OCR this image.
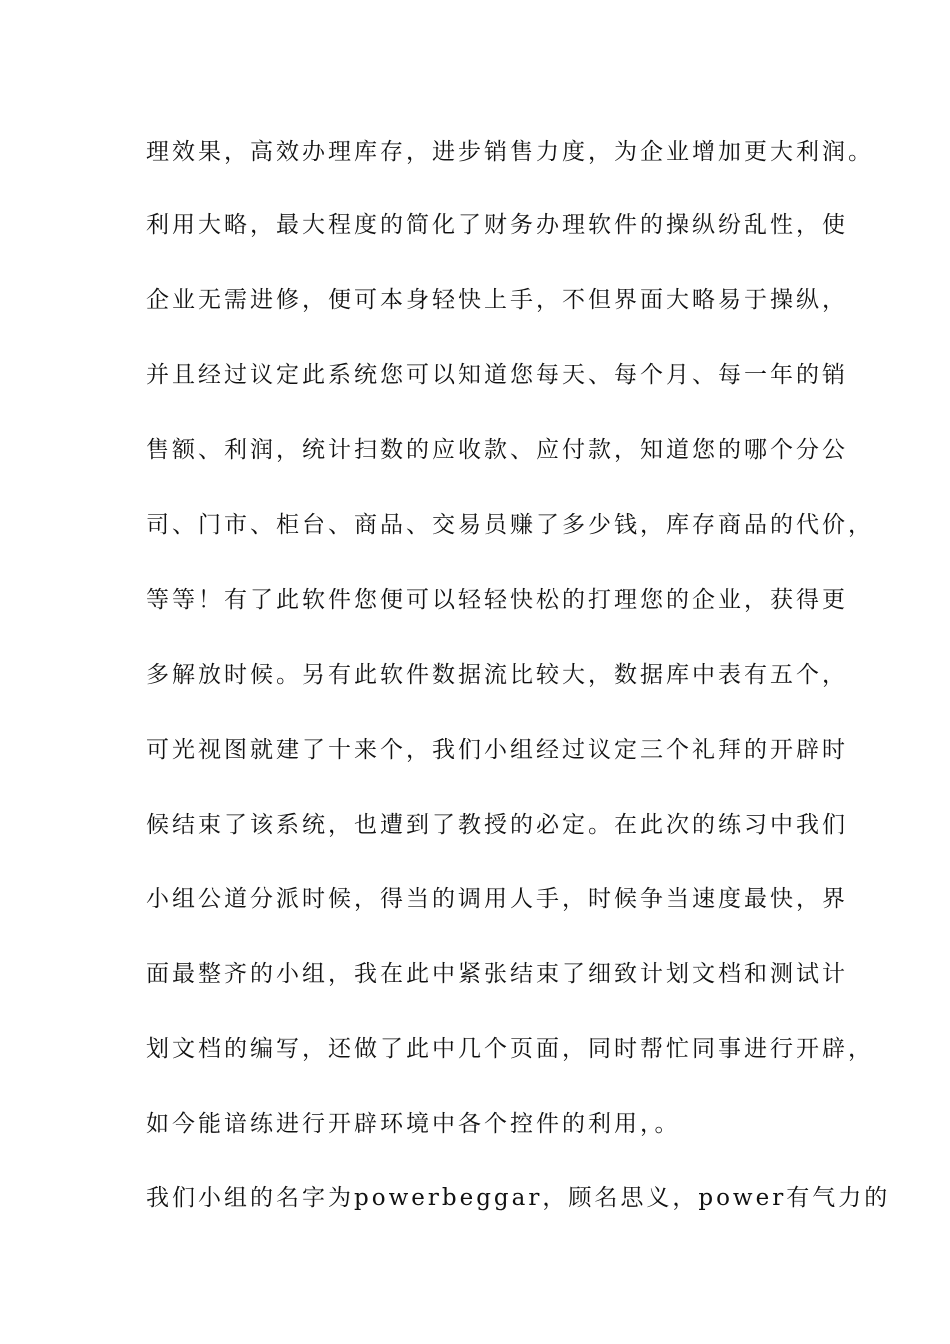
理效果，高效办理库存，进步销售力度，为企业增加更大利润。
利用大略，最大程度的简化了财务办理软件的操纵纷乱性，使
企业无需进修，便可本身轻快上手，不但界面大略易于操纵，
并且经过议定此系统您可以知道您每天、每个月、每一年的销
售额、利润，统计扫数的应收款、应付款，知道您的哪个分公
司、门市、柜台、商品、交易员赚了多少钱，库存商品的代价，
等等！有了此软件您便可以轻轻快松的打理您的企业，获得更
多解放时候。另有此软件数据流比较大，数据库中表有五个，
可光视图就建了十来个，我们小组经过议定三个礼拜的开辟时
候结束了该系统，也遭到了教授的必定。在此次的练习中我们
小组公道分派时候，得当的调用人手，时候争当速度最快，界
面最整齐的小组，我在此中紧张结束了细致计划文档和测试计
划文档的编写，还做了此中几个页面，同时帮忙同事进行开辟，
如今能谙练进行开辟环境中各个控件的利用，。
我们小组的名字为powerbeggar，顾名思义，power有气力的
